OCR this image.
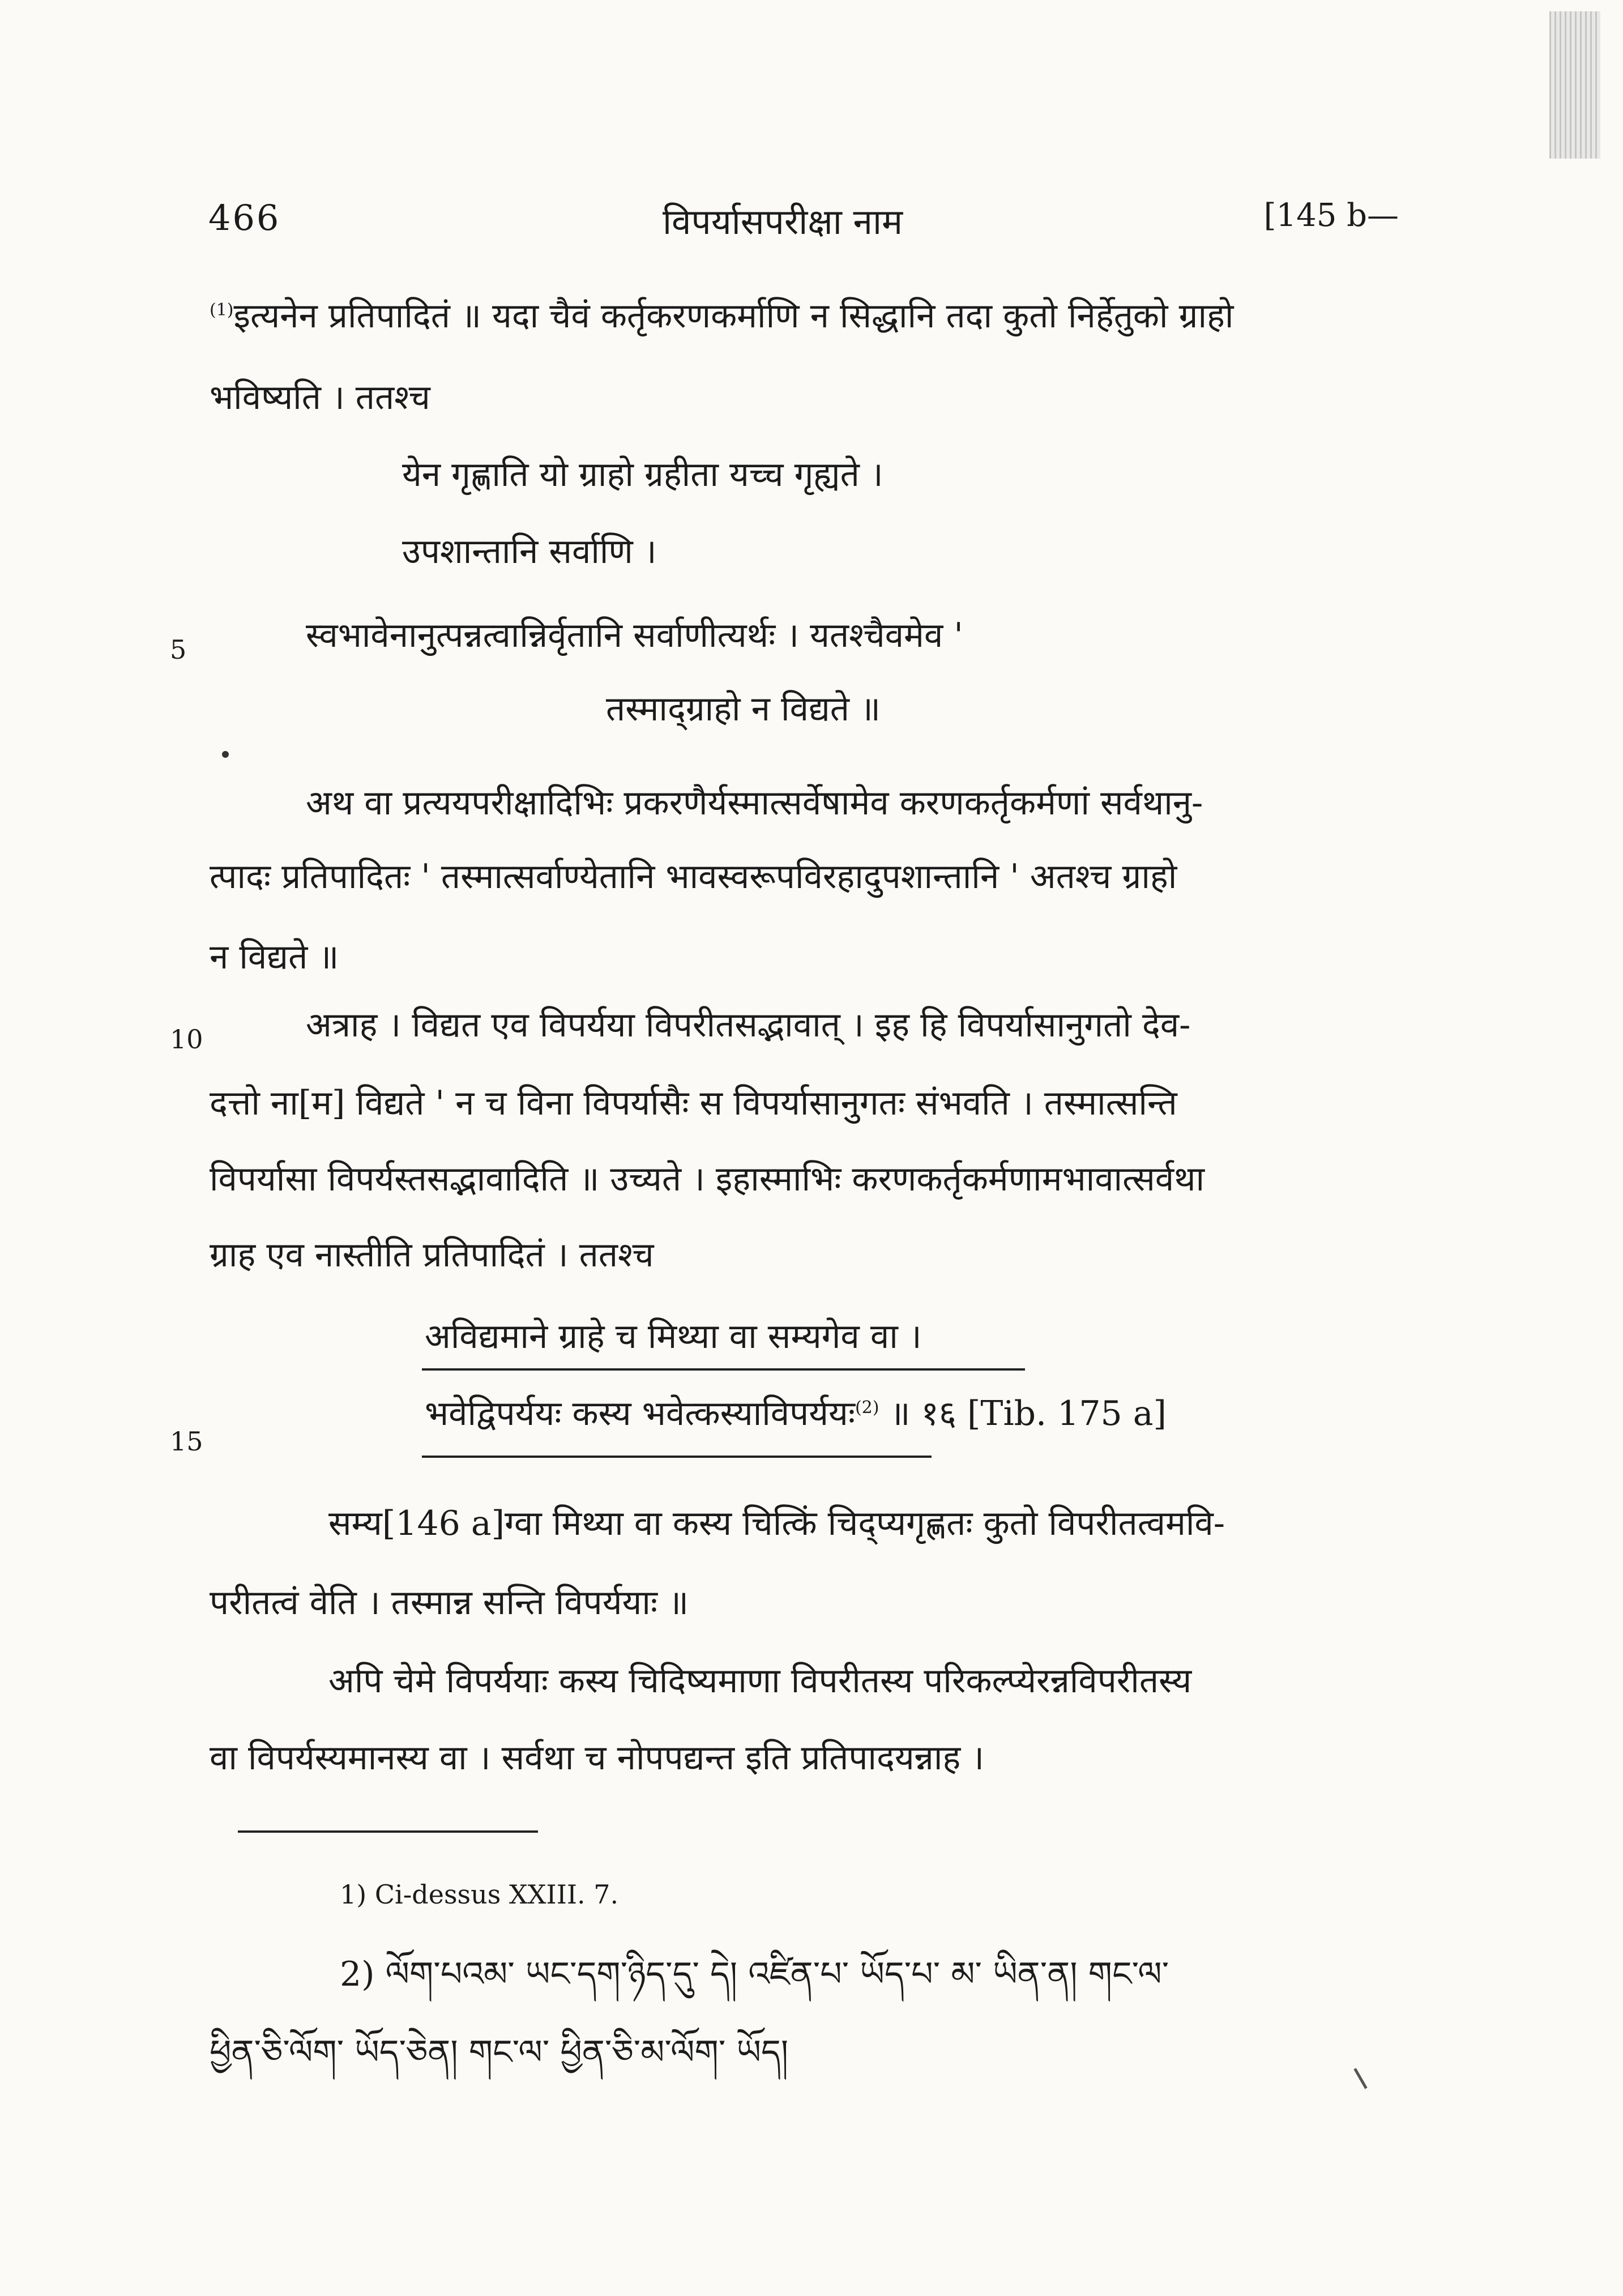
466	विपर्यासपरीक्षा नाम	[145 b—
$^{(1)}$इत्यनेन प्रतिपादितं ॥ यदा चैवं कर्तृकरणकर्माणि न सिद्धानि तदा कुतो निर्हेतुको ग्राहो
भविष्यति । ततश्च
येन गृह्णाति यो ग्राहो ग्रहीता यच्च गृह्यते ।
उपशान्तानि सर्वाणि ।
5	स्वभावेनानुत्पन्नत्वान्निर्वृतानि सर्वाणीत्यर्थः । यतश्चैवमेव '
तस्माद्ग्राहो न विद्यते ॥
अथ वा प्रत्ययपरीक्षादिभिः प्रकरणैर्यस्मात्सर्वेषामेव करणकर्तृकर्मणां सर्वथानु-
त्पादः प्रतिपादितः ' तस्मात्सर्वाण्येतानि भावस्वरूपविरहादुपशान्तानि ' अतश्च ग्राहो
न विद्यते ॥
10	अत्राह । विद्यत एव विपर्यया विपरीतसद्भावात् । इह हि विपर्यासानुगतो देव-
दत्तो ना[म] विद्यते ' न च विना विपर्यासैः स विपर्यासानुगतः संभवति । तस्मात्सन्ति
विपर्यासा विपर्यस्तसद्भावादिति ॥ उच्यते । इहास्माभिः करणकर्तृकर्मणामभावात्सर्वथा
ग्राह एव नास्तीति प्रतिपादितं । ततश्च
अविद्यमाने ग्राहे च मिथ्या वा सम्यगेव वा ।
15
भवेद्विपर्ययः कस्य भवेत्कस्याविपर्ययः$^{(2)}$ ॥ १६ [Tib. 175 a]
सम्य[146 a]ग्वा मिथ्या वा कस्य चित्किं चिद्प्यगृह्णतः कुतो विपरीतत्वमवि-
परीतत्वं वेति । तस्मान्न सन्ति विपर्ययाः ॥
अपि चेमे विपर्ययाः कस्य चिदिष्यमाणा विपरीतस्य परिकल्प्येरन्नविपरीतस्य
वा विपर्यस्यमानस्य वा । सर्वथा च नोपपद्यन्त इति प्रतिपादयन्नाह ।
1) Ci-dessus XXIII. 7.
2) ལོག་པའམ་ ཡང་དག་ཉིད་དུ་ དེ། འཛིན་པ་ ཡོད་པ་ མ་ ཡིན་ན། གང་ལ་
ཕྱིན་ཅི་ལོག་ ཡོད་ཅེན། གང་ལ་ ཕྱིན་ཅི་མ་ལོག་ ཡོད།
